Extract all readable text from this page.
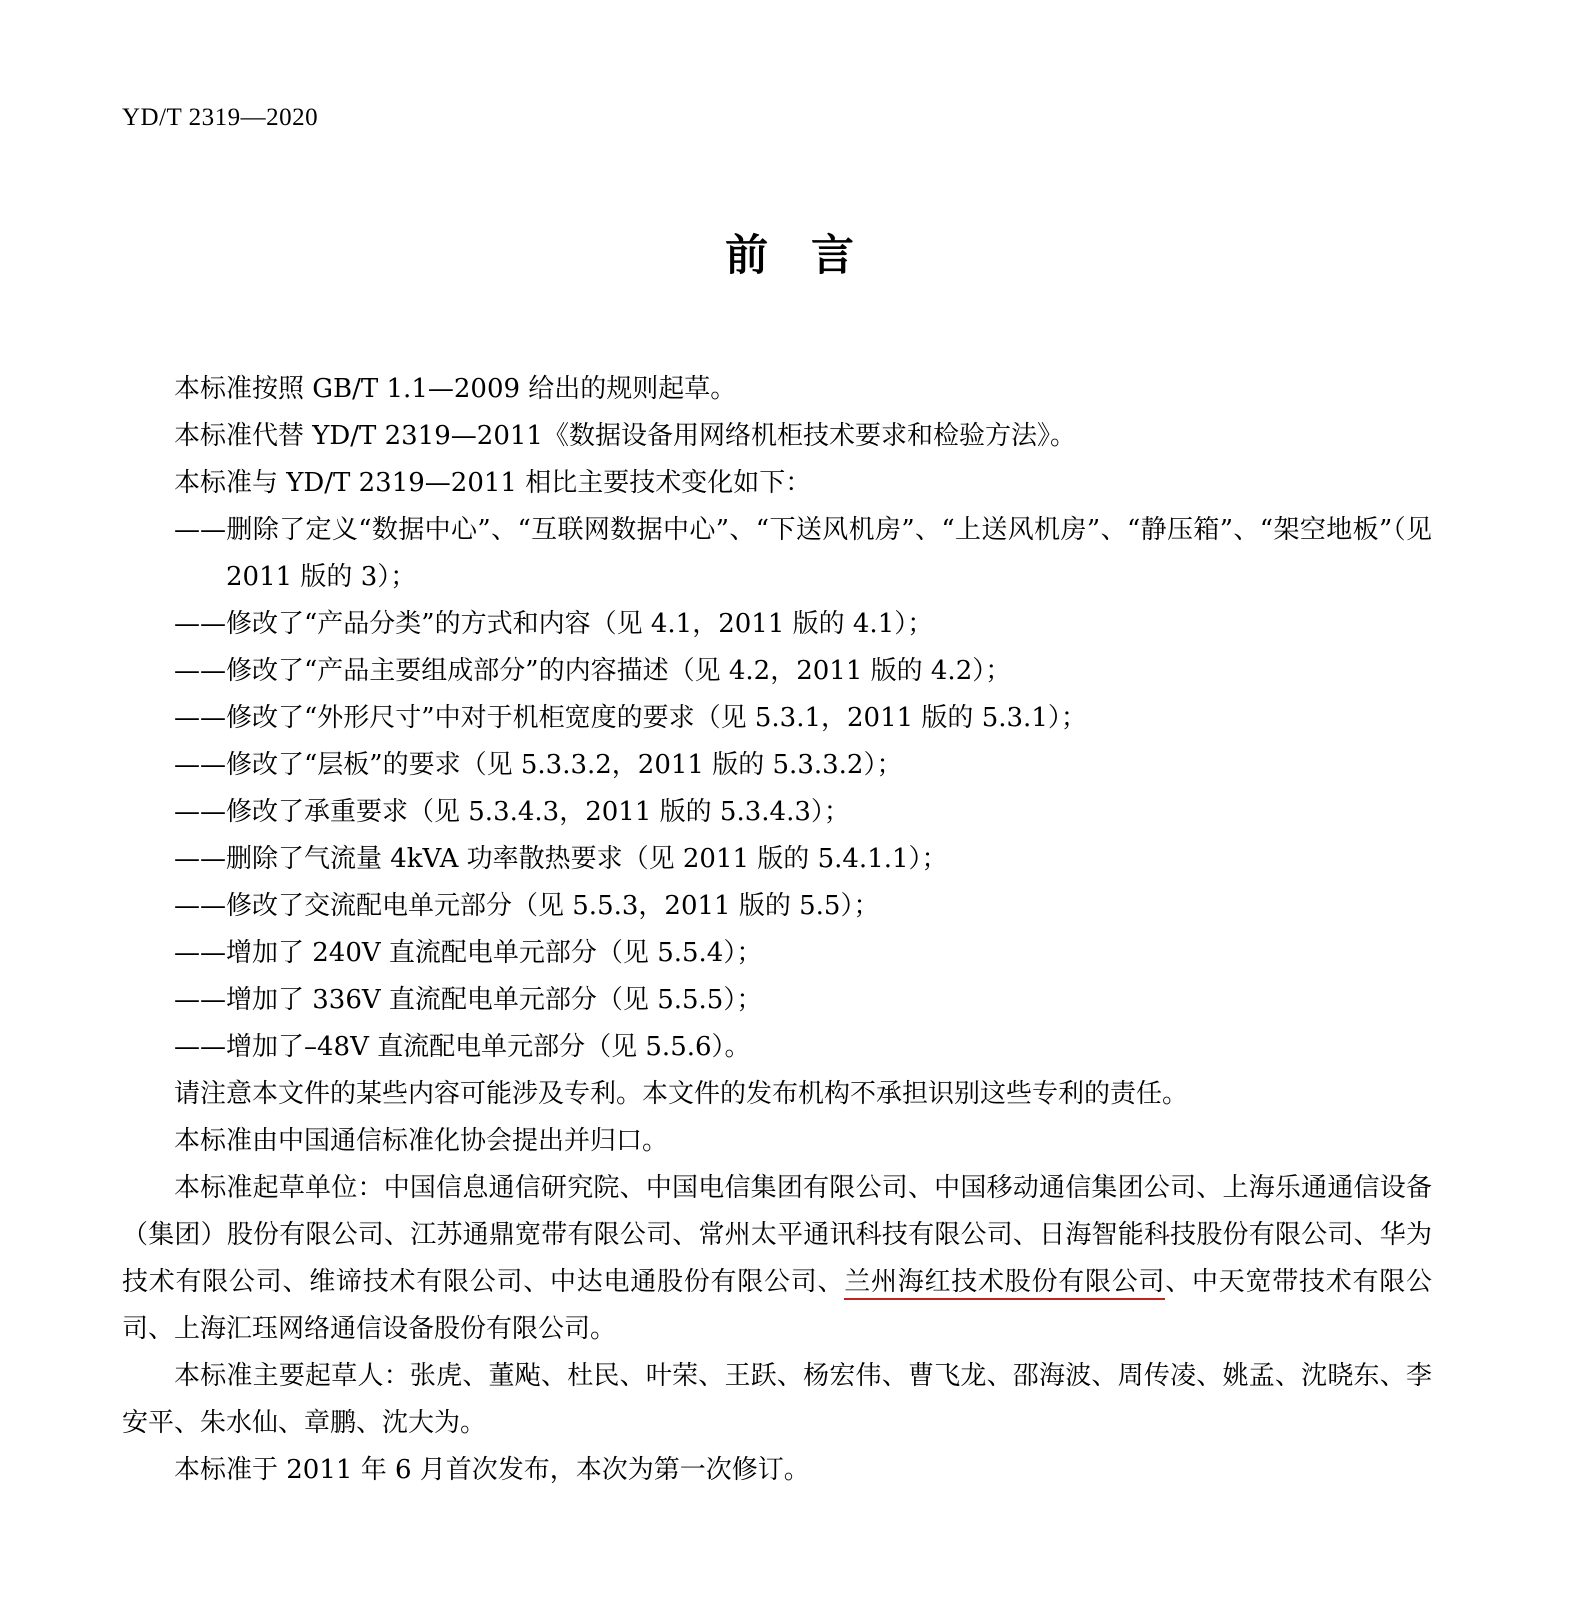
YD/T 2319—2020
前 言

本标准按照 GB/T 1.1—2009 给出的规则起草。

本标准代替 YD/T 2319—2011《数据设备用网络机柜技术要求和检验方法》。

本标准与 YD/T 2319—2011 相比主要技术变化如下：

——删除了定义“数据中心”、“互联网数据中心”、“下送风机房”、“上送风机房”、“静压箱”、“架空地板”（见 2011 版的 3）；

——修改了“产品分类”的方式和内容（见 4.1，2011 版的 4.1）；

——修改了“产品主要组成部分”的内容描述（见 4.2，2011 版的 4.2）；

——修改了“外形尺寸”中对于机柜宽度的要求（见 5.3.1，2011 版的 5.3.1）；

——修改了“层板”的要求（见 5.3.3.2，2011 版的 5.3.3.2）；

——修改了承重要求（见 5.3.4.3，2011 版的 5.3.4.3）；

——删除了气流量 4kVA 功率散热要求（见 2011 版的 5.4.1.1）；

——修改了交流配电单元部分（见 5.5.3，2011 版的 5.5）；

——增加了 240V 直流配电单元部分（见 5.5.4）；

——增加了 336V 直流配电单元部分（见 5.5.5）；

——增加了–48V 直流配电单元部分（见 5.5.6）。

请注意本文件的某些内容可能涉及专利。本文件的发布机构不承担识别这些专利的责任。

本标准由中国通信标准化协会提出并归口。

本标准起草单位：中国信息通信研究院、中国电信集团有限公司、中国移动通信集团公司、上海乐通通信设备（集团）股份有限公司、江苏通鼎宽带有限公司、常州太平通讯科技有限公司、日海智能科技股份有限公司、华为技术有限公司、维谛技术有限公司、中达电通股份有限公司、兰州海红技术股份有限公司、中天宽带技术有限公司、上海汇珏网络通信设备股份有限公司。

本标准主要起草人：张虎、董飐、杜民、叶荣、王跃、杨宏伟、曹飞龙、邵海波、周传凌、姚孟、沈晓东、李安平、朱水仙、章鹏、沈大为。

本标准于 2011 年 6 月首次发布，本次为第一次修订。
